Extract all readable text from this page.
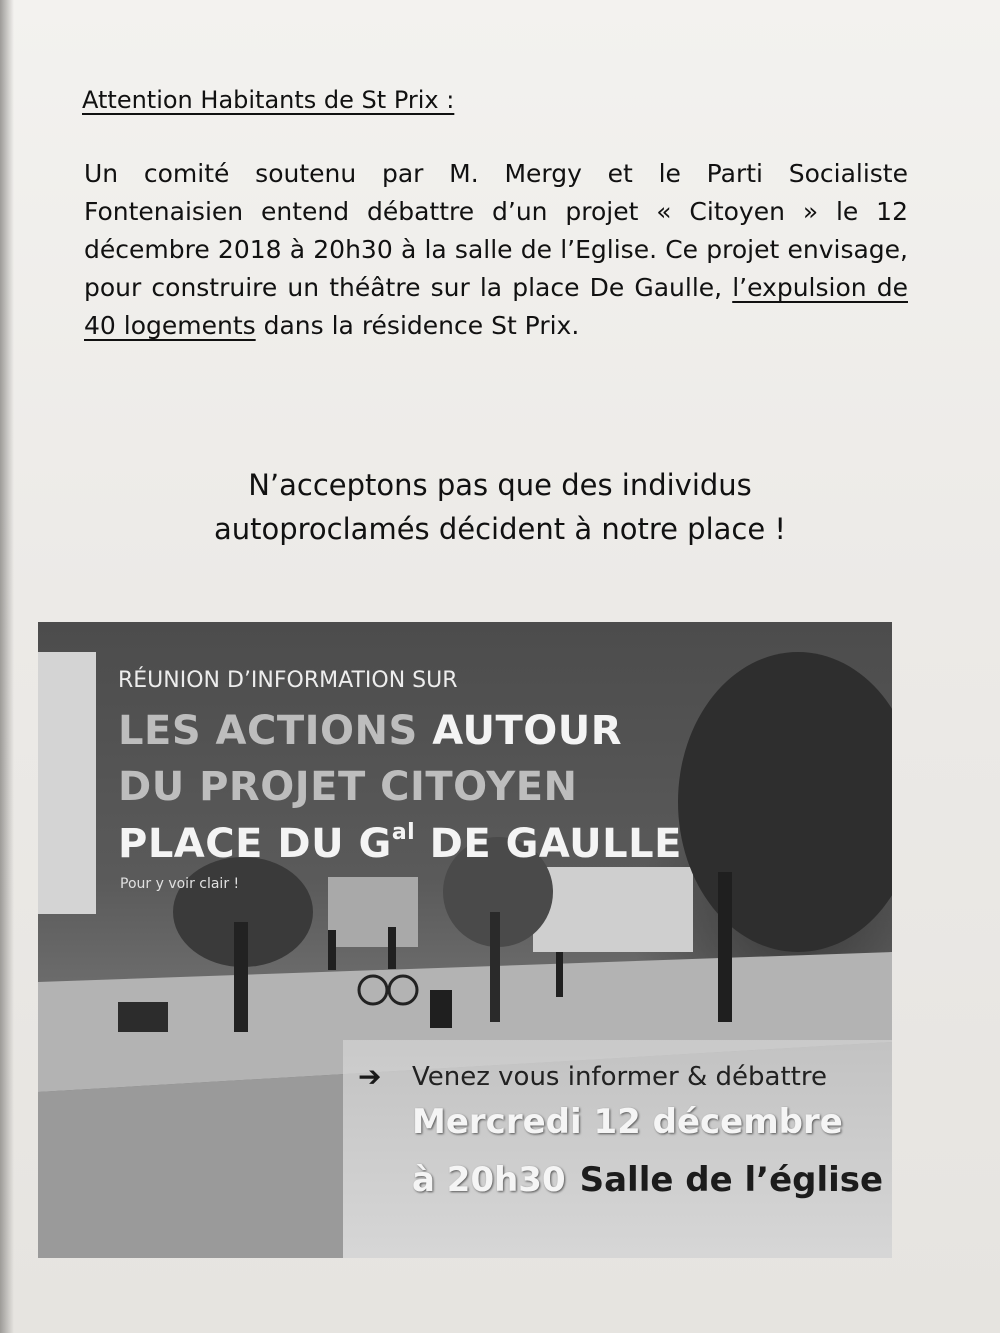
Attention Habitants de St Prix :

Un comité soutenu par M. Mergy et le Parti Socialiste Fontenaisien entend débattre d’un projet « Citoyen » le 12 décembre 2018 à 20h30 à la salle de l’Eglise. Ce projet envisage, pour construire un théâtre sur la place De Gaulle, l’expulsion de 40 logements dans la résidence St Prix.

N’acceptons pas que des individus
autoproclamés décident à notre place !
RÉUNION D’INFORMATION SUR
LES ACTIONS AUTOUR
DU PROJET CITOYEN
PLACE DU $G^{al}$ DE GAULLE
Pour y voir clair !
➔ Venez vous informer & débattre
Mercredi 12 décembre
à 20h30 Salle de l’église
